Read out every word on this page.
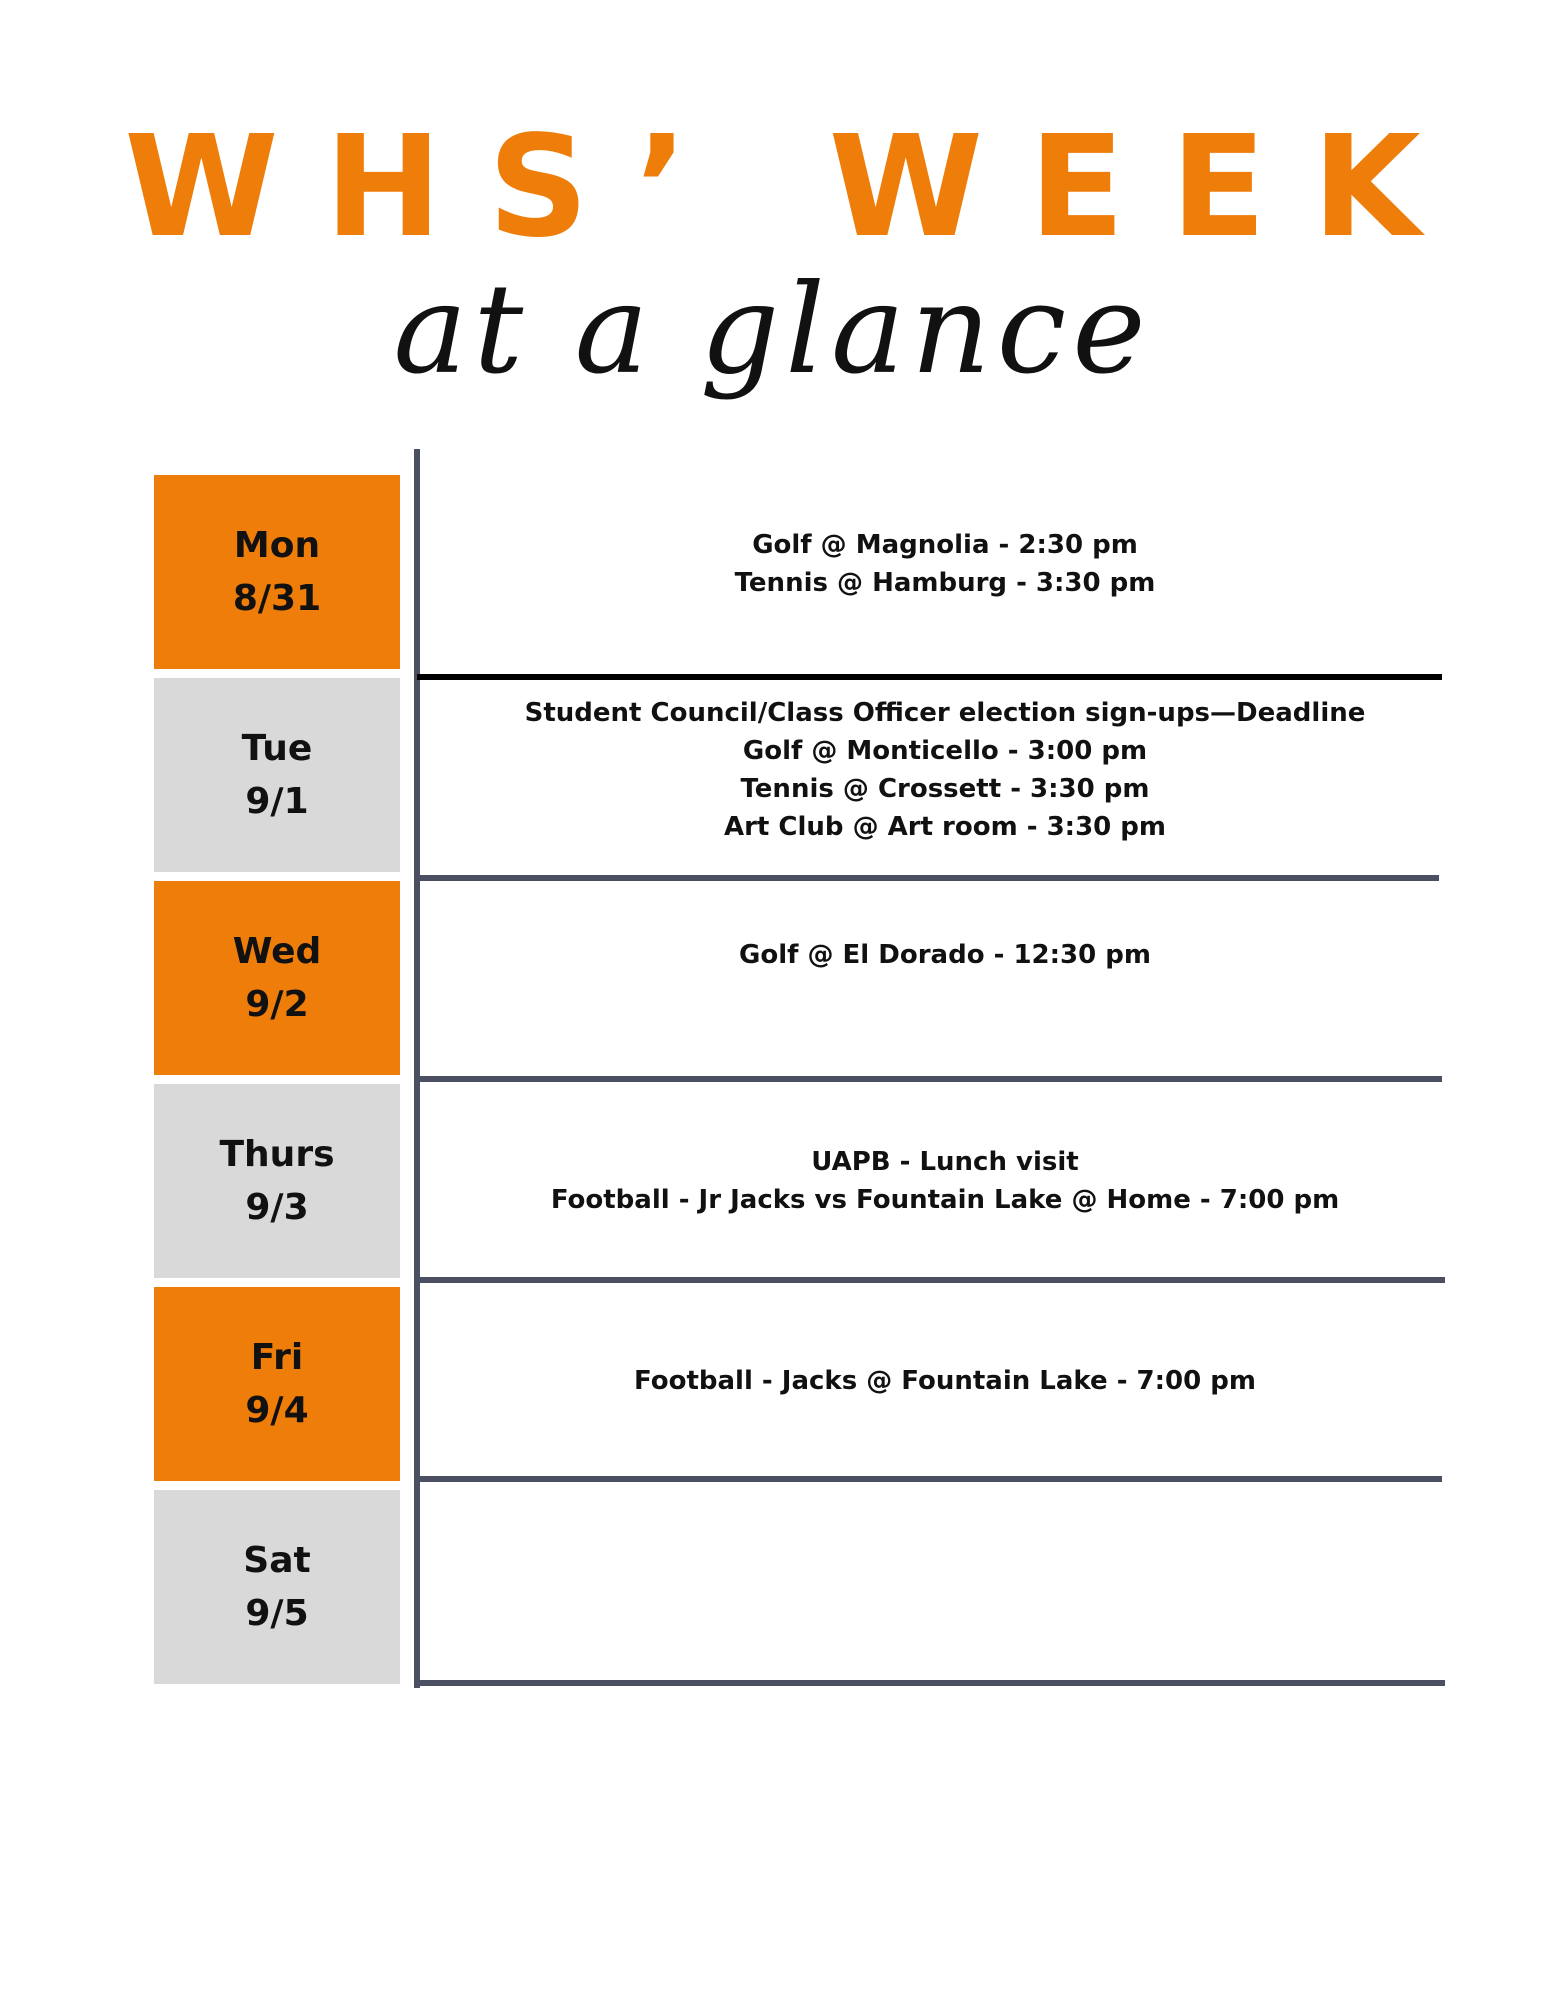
WHS’ WEEK
at a glance
Mon
8/31
Tue
9/1
Wed
9/2
Thurs
9/3
Fri
9/4
Sat
9/5
Golf @ Magnolia - 2:30 pm
Tennis @ Hamburg - 3:30 pm
Student Council/Class Officer election sign-ups—Deadline
Golf @ Monticello - 3:00 pm
Tennis @ Crossett - 3:30 pm
Art Club @ Art room - 3:30 pm
Golf @ El Dorado - 12:30 pm
UAPB - Lunch visit
Football - Jr Jacks vs Fountain Lake @ Home - 7:00 pm
Football - Jacks @ Fountain Lake - 7:00 pm
